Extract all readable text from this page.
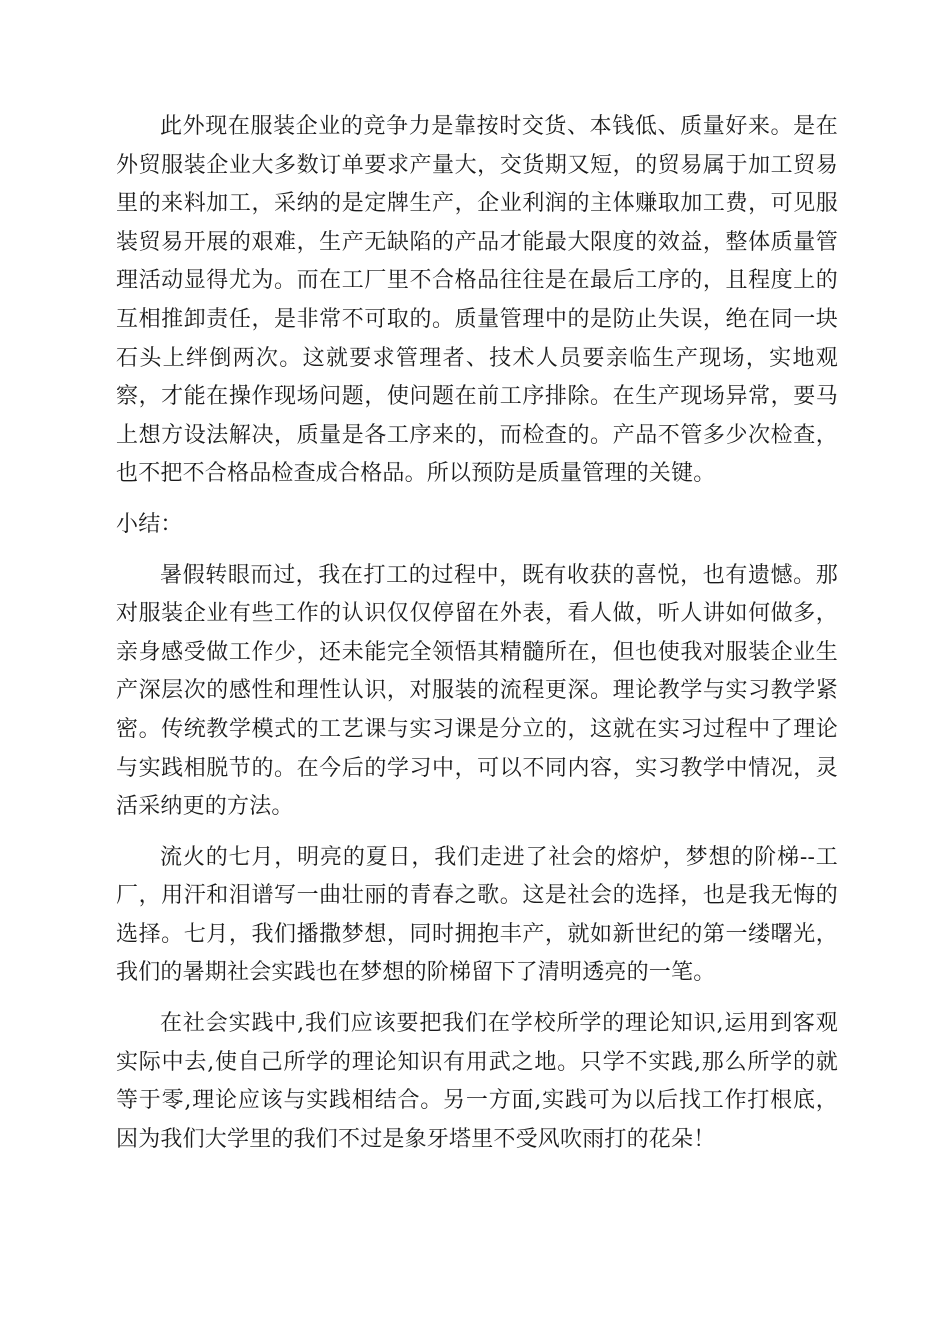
此外现在服装企业的竞争力是靠按时交货、本钱低、质量好来。是在外贸服装企业大多数订单要求产量大，交货期又短，的贸易属于加工贸易里的来料加工，采纳的是定牌生产，企业利润的主体赚取加工费，可见服装贸易开展的艰难，生产无缺陷的产品才能最大限度的效益，整体质量管理活动显得尤为。而在工厂里不合格品往往是在最后工序的，且程度上的互相推卸责任，是非常不可取的。质量管理中的是防止失误，绝在同一块石头上绊倒两次。这就要求管理者、技术人员要亲临生产现场，实地观察，才能在操作现场问题，使问题在前工序排除。在生产现场异常，要马上想方设法解决，质量是各工序来的，而检查的。产品不管多少次检查，也不把不合格品检查成合格品。所以预防是质量管理的关键。

小结：

暑假转眼而过，我在打工的过程中，既有收获的喜悦，也有遗憾。那对服装企业有些工作的认识仅仅停留在外表，看人做，听人讲如何做多，亲身感受做工作少，还未能完全领悟其精髓所在，但也使我对服装企业生产深层次的感性和理性认识，对服装的流程更深。理论教学与实习教学紧密。传统教学模式的工艺课与实习课是分立的，这就在实习过程中了理论与实践相脱节的。在今后的学习中，可以不同内容，实习教学中情况，灵活采纳更的方法。

流火的七月，明亮的夏日，我们走进了社会的熔炉，梦想的阶梯--工厂，用汗和泪谱写一曲壮丽的青春之歌。这是社会的选择，也是我无悔的选择。七月，我们播撒梦想，同时拥抱丰产，就如新世纪的第一缕曙光，我们的暑期社会实践也在梦想的阶梯留下了清明透亮的一笔。

在社会实践中,我们应该要把我们在学校所学的理论知识,运用到客观实际中去,使自己所学的理论知识有用武之地。只学不实践,那么所学的就等于零,理论应该与实践相结合。另一方面,实践可为以后找工作打根底，因为我们大学里的我们不过是象牙塔里不受风吹雨打的花朵！
